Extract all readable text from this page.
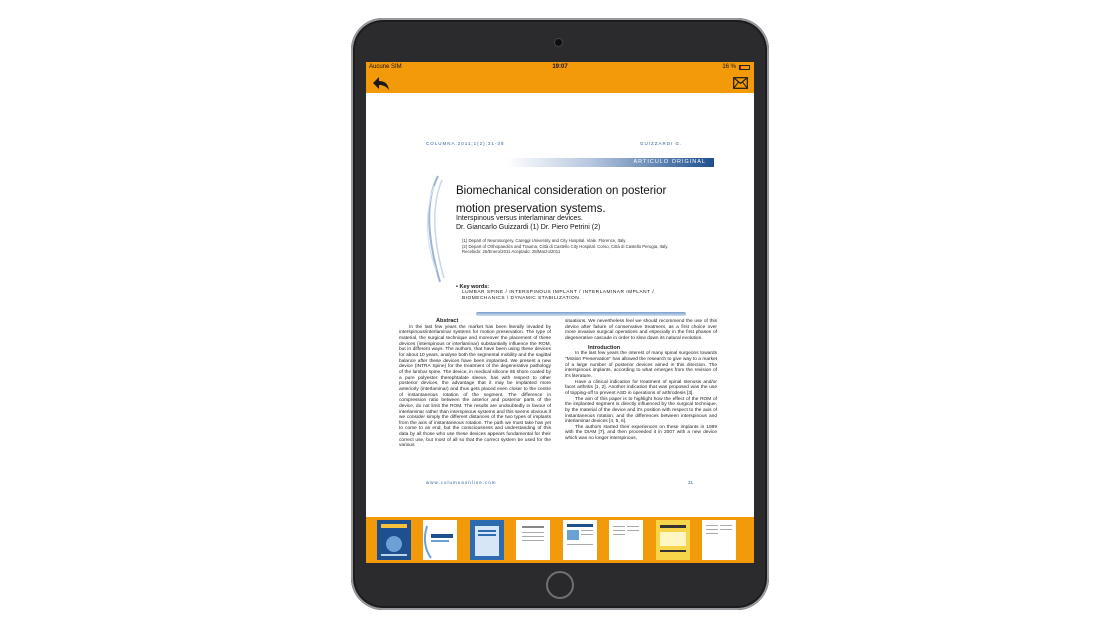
Aucune SIM	19:07	16 %
COLUMNA.2011;1(2):31-38	GUIZZARDI G.
ARTICULO ORIGINAL
Biomechanical consideration on posterior motion preservation systems.
Interspinous versus interlaminar devices.
Dr. Giancarlo Guizzardi (1) Dr. Piero Petrini (2)
(1) Depart of Neurosurgery, Careggi University and City Hospital. Viale. Florence, Italy.
(2) Depart of Orthopaedics and Trauma, Città di Castello City Hospital. Corso, Città di Castello Perugia, Italy.
Recebido: 25/Enero/2011 Aceptado: 28/Marzo/2011
• Key words:
LUMBAR SPINE / INTERSPINOUS IMPLANT / INTERLAMINAR IMPLANT / BIOMECHANICS / DYNAMIC STABILIZATION.
Abstract
In the last few years the market has been literally invaded by interspinous/interlaminar systems for motion preservation. The type of material, the surgical technique and moreover the placement of these devices (interspinous or interlaminar) substantially influence the ROM, but in different ways. The authors, that have been using these devices for about 10 years, analyse both the segmental mobility and the sagittal balance after these devices have been implanted. We present a new device (INTRA Spine) for the treatment of the degenerative pathology of the lumbar spine. The device, in medical silicone 65 shore coated by a pure polyester therephtalate sleeve, has with respect to other posterior devices, the advantage that it may be implanted more anteriorly (interlaminar) and thus gets placed even closer to the centre of instantaneous rotation of the segment. The difference in compression ratio between the anterior and posterior parts of the device, do not limit the ROM. The results are undoubtedly in favour of interlaminar rather than interspinous systems and this seems obvious if we consider simply the different distances of the two types of implants from the axis of instantaneous rotation. The path we must take has yet to come to an end, but the consciousness and understanding of this data by all those who use these devices appears fundamental for their correct use, but most of all so that the correct system be used for the various
situations. We nevertheless feel we should recommend the use of this device after failure of conservative treatment, as a first choice over more invasive surgical operations and especially in the first phases of degenerative cascade in order to slow down its natural evolution.
Introduction
In the last few years the interest of many spinal surgeons towards "Motion Preservation" has allowed the research to give way to a market of a large number of posterior devices aimed in this direction. The interspinous implants, according to what emerges from the revision of it's literature.
Have a clinical indication for treatment of spinal stenosis and/or facet arthritis [1, 2]. Another indication that was proposed was the use of topping-off to prevent ASD in operations of arthrodesis [3].
The aim of this paper is to highlight how the effect of the ROM of the implanted segment is directly influenced by the surgical technique, by the material of the device and it's position with respect to the axis of instantaneous rotation, and the differences between interspinous and interlaminar devices [4, 5, 6].
The authors started their experiences on these implants in 1999 with the DIAM [7], and then proceeded it in 2007 with a new device which was no longer interspinous,
www.columnaonline.com	31
